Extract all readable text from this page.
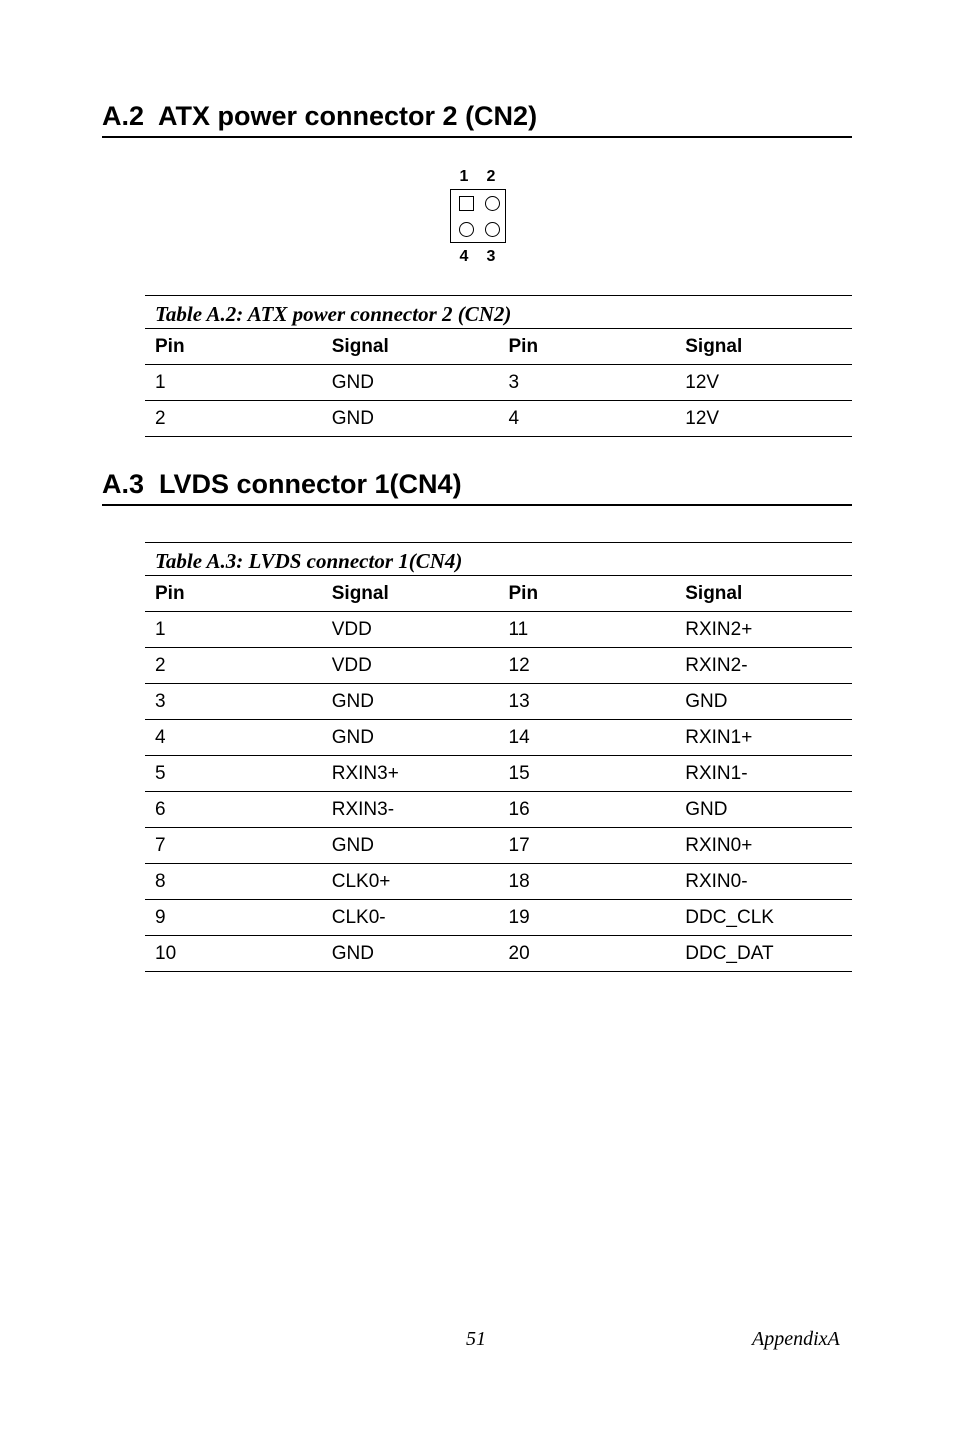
A.2  ATX power connector 2 (CN2)
1 2
4 3
Table A.2: ATX power connector 2 (CN2)
Pin	Signal	Pin	Signal
1	GND	3	12V
2	GND	4	12V
A.3  LVDS connector 1(CN4)
Table A.3: LVDS connector 1(CN4)
Pin	Signal	Pin	Signal
1	VDD	11	RXIN2+
2	VDD	12	RXIN2-
3	GND	13	GND
4	GND	14	RXIN1+
5	RXIN3+	15	RXIN1-
6	RXIN3-	16	GND
7	GND	17	RXIN0+
8	CLK0+	18	RXIN0-
9	CLK0-	19	DDC_CLK
10	GND	20	DDC_DAT
51	AppendixA
